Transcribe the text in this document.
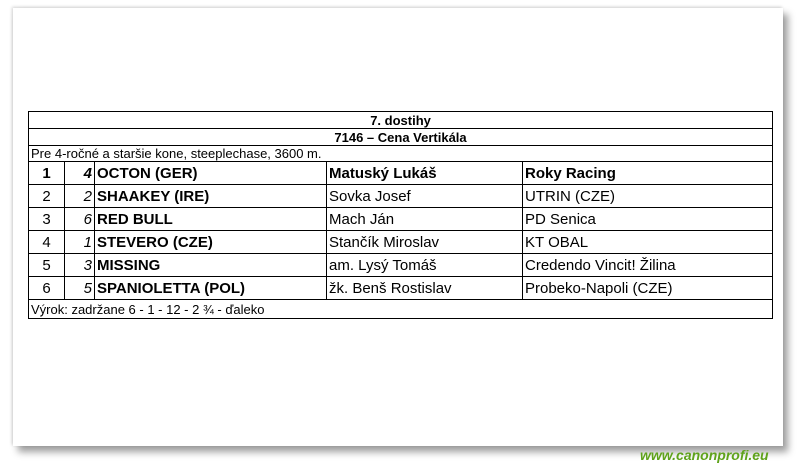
7. dostihy				
7146 – Cena Vertikála				
Pre 4-ročné a staršie kone, steeplechase, 3600 m.				
1	4	OCTON (GER)	Matuský Lukáš	Roky Racing
2	2	SHAAKEY (IRE)	Sovka Josef	UTRIN (CZE)
3	6	RED BULL	Mach Ján	PD Senica
4	1	STEVERO (CZE)	Stančík Miroslav	KT OBAL
5	3	MISSING	am. Lysý Tomáš	Credendo Vincit! Žilina
6	5	SPANIOLETTA (POL)	žk. Benš Rostislav	Probeko-Napoli (CZE)
Výrok: zadržane 6 - 1 - 12 - 2 ¾ - ďaleko				
www.canonprofi.eu
